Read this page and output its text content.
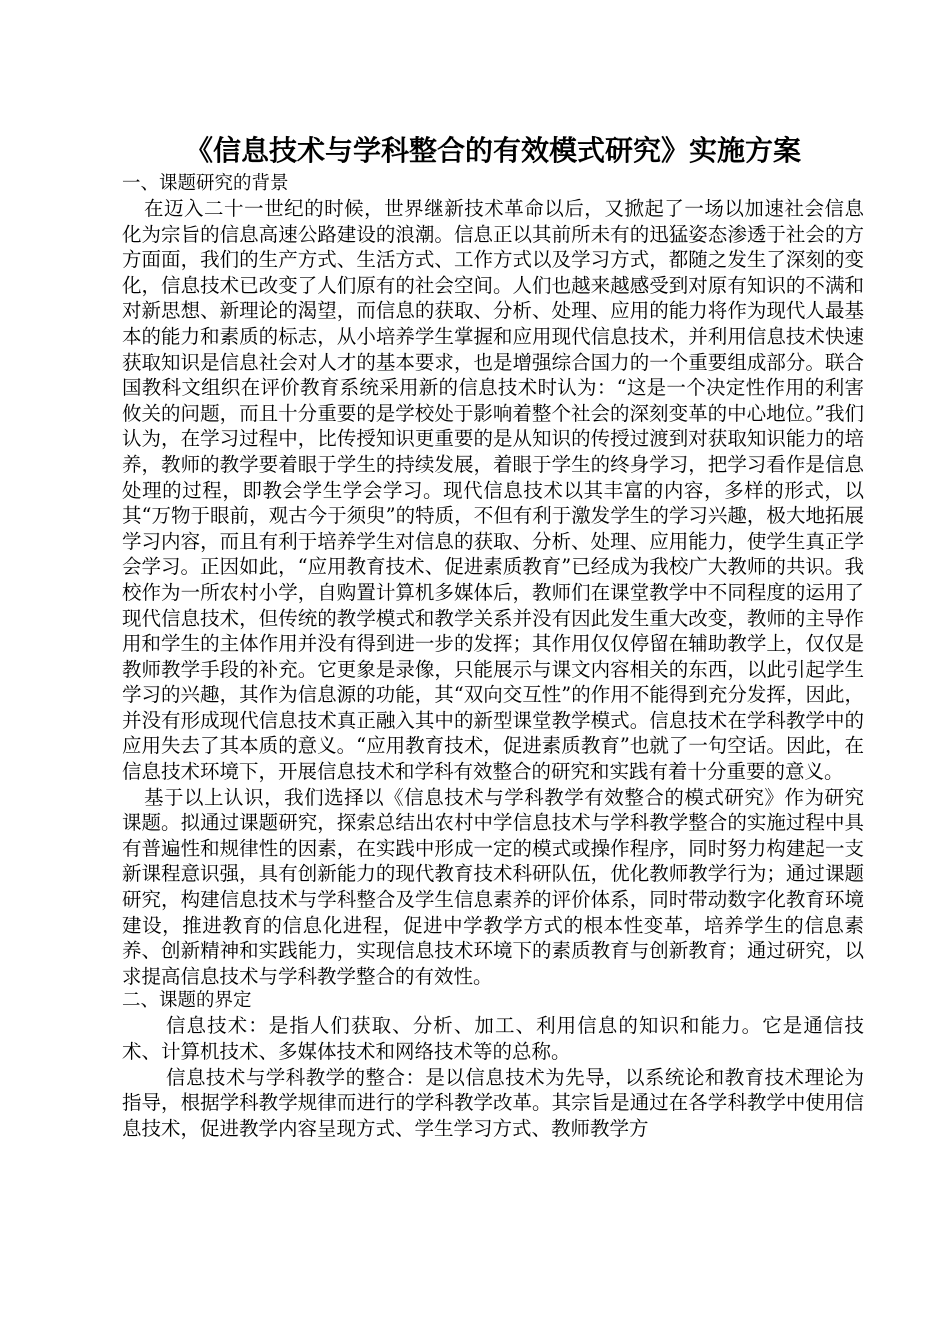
《信息技术与学科整合的有效模式研究》实施方案
一、课题研究的背景

在迈入二十一世纪的时候，世界继新技术革命以后，又掀起了一场以加速社会信息化为宗旨的信息高速公路建设的浪潮。信息正以其前所未有的迅猛姿态渗透于社会的方方面面，我们的生产方式、生活方式、工作方式以及学习方式，都随之发生了深刻的变化，信息技术已改变了人们原有的社会空间。人们也越来越感受到对原有知识的不满和对新思想、新理论的渴望，而信息的获取、分析、处理、应用的能力将作为现代人最基本的能力和素质的标志，从小培养学生掌握和应用现代信息技术，并利用信息技术快速获取知识是信息社会对人才的基本要求，也是增强综合国力的一个重要组成部分。联合国教科文组织在评价教育系统采用新的信息技术时认为：“这是一个决定性作用的利害攸关的问题，而且十分重要的是学校处于影响着整个社会的深刻变革的中心地位。”我们认为，在学习过程中，比传授知识更重要的是从知识的传授过渡到对获取知识能力的培养，教师的教学要着眼于学生的持续发展，着眼于学生的终身学习，把学习看作是信息处理的过程，即教会学生学会学习。现代信息技术以其丰富的内容，多样的形式，以其“万物于眼前，观古今于须臾”的特质，不但有利于激发学生的学习兴趣，极大地拓展学习内容，而且有利于培养学生对信息的获取、分析、处理、应用能力，使学生真正学会学习。正因如此，“应用教育技术、促进素质教育”已经成为我校广大教师的共识。我校作为一所农村小学，自购置计算机多媒体后，教师们在课堂教学中不同程度的运用了现代信息技术，但传统的教学模式和教学关系并没有因此发生重大改变，教师的主导作用和学生的主体作用并没有得到进一步的发挥；其作用仅仅停留在辅助教学上，仅仅是教师教学手段的补充。它更象是录像，只能展示与课文内容相关的东西，以此引起学生学习的兴趣，其作为信息源的功能，其“双向交互性”的作用不能得到充分发挥，因此，并没有形成现代信息技术真正融入其中的新型课堂教学模式。信息技术在学科教学中的应用失去了其本质的意义。“应用教育技术，促进素质教育”也就了一句空话。因此，在信息技术环境下，开展信息技术和学科有效整合的研究和实践有着十分重要的意义。

基于以上认识，我们选择以《信息技术与学科教学有效整合的模式研究》作为研究课题。拟通过课题研究，探索总结出农村中学信息技术与学科教学整合的实施过程中具有普遍性和规律性的因素，在实践中形成一定的模式或操作程序，同时努力构建起一支新课程意识强，具有创新能力的现代教育技术科研队伍，优化教师教学行为；通过课题研究，构建信息技术与学科整合及学生信息素养的评价体系，同时带动数字化教育环境建设，推进教育的信息化进程，促进中学教学方式的根本性变革，培养学生的信息素养、创新精神和实践能力，实现信息技术环境下的素质教育与创新教育；通过研究，以求提高信息技术与学科教学整合的有效性。

二、课题的界定

信息技术：是指人们获取、分析、加工、利用信息的知识和能力。它是通信技术、计算机技术、多媒体技术和网络技术等的总称。

信息技术与学科教学的整合：是以信息技术为先导，以系统论和教育技术理论为指导，根据学科教学规律而进行的学科教学改革。其宗旨是通过在各学科教学中使用信息技术，促进教学内容呈现方式、学生学习方式、教师教学方
